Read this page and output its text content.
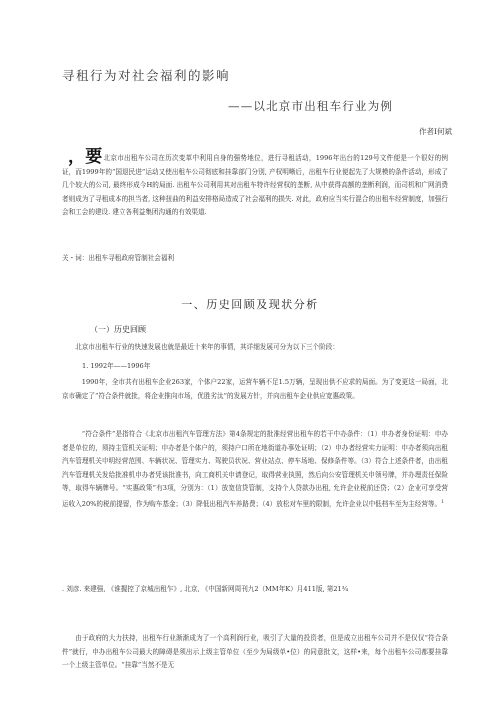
寻租行为对社会福利的影响
——以北京市出租车行业为例
作者I何斌
，要北京市出租车公司在历次变革中利用自身的强势地位，进行寻租活动，1996年出台的129号文件便是一个很好的例证，而1999年的“国退民进”运动又使出租车公司彻底和挂靠部门分别, 产权明晰后，出租车行业便起先了大规模的条件活动，形成了几个较大的公司, 最终形成今H的局面. 出租车公司利用其对出租车特许经营权的垄断, 从中获得高额的垄断利润，而司机和广网消费者则成为了寻租成本的担当者, 这种扭曲的利益安排格局造成了社会福利的损失. 对此，政府应当实行混合的出租车经营制度，加强行会和工会的建设. 建立各利益集团沟通的有效渠道.
关・词：出租车寻租政府管制社会福利
一、历史回顾及现状分析
（一）历史回顾
北京市出租车行业的快速发展也就是最近十来年的事情，其详细发展可分为以下三个阶段：
1. 1992年——1996年
1990年，全市共有出租车企业263家，个体户22家，运营车辆不足1.5万辆，呈现出供不应求的局面。为了变更这一局面，北京市确定了“符合条件就批，将企业推向市场，优胜劣汰”的发展方针，并向出租车企业供应宽惠政策。
“符合条件”是指符合《北京市出租汽车管理方法》第4条规定的批准经营出租车的若干中办条件：（1）申办者身份证明：申办者是单位的，须持主管机关证明；申办者是个体户的，须持户口所在地街道办事处证明；（2）申办者经营实力证明：申办者须向出租汽车管理机关申明经营范围、车辆状况、管理实力、驾驶员状况、营业站点、停车场地、保修条件等。（3）符合上述条件者，由出租汽车管理机关发给批准机申办者凭该批准书，向工商机关申请登记，取得营业执照，然后向公安管理机关申领号牌，并办理责任保险等，取得车辆牌号。“实惠政策”有3项，分别为：（1）放宽信贷管制，支持个人贷款办出租, 允许企业税前还贷；（2）企业可享受营运收入20%的税前提留，作为购车基金；（3）降低出租汽车养路费；（4）放松对车里的限制，允许企业以中低档车至为主经营等。$^1$
. 刘彦. 来建强, 《谁握控了京城出租乍》, 北京, 《中国新网周刊九2（MM年K）月411版, 第21¾
由于政府的大力扶持，出租车行业渐渐成为了一个高利润行业，吸引了大量的投资者，但是成立出租车公司并不是仅仅“符合条件”就行，申办出租车公司最大的障碍是须出示上级主管单位（至少为局级单•位）的同意批文，这样•来，每个出租车公司都要挂靠一个上级主管单位。“挂靠”当然不是无
